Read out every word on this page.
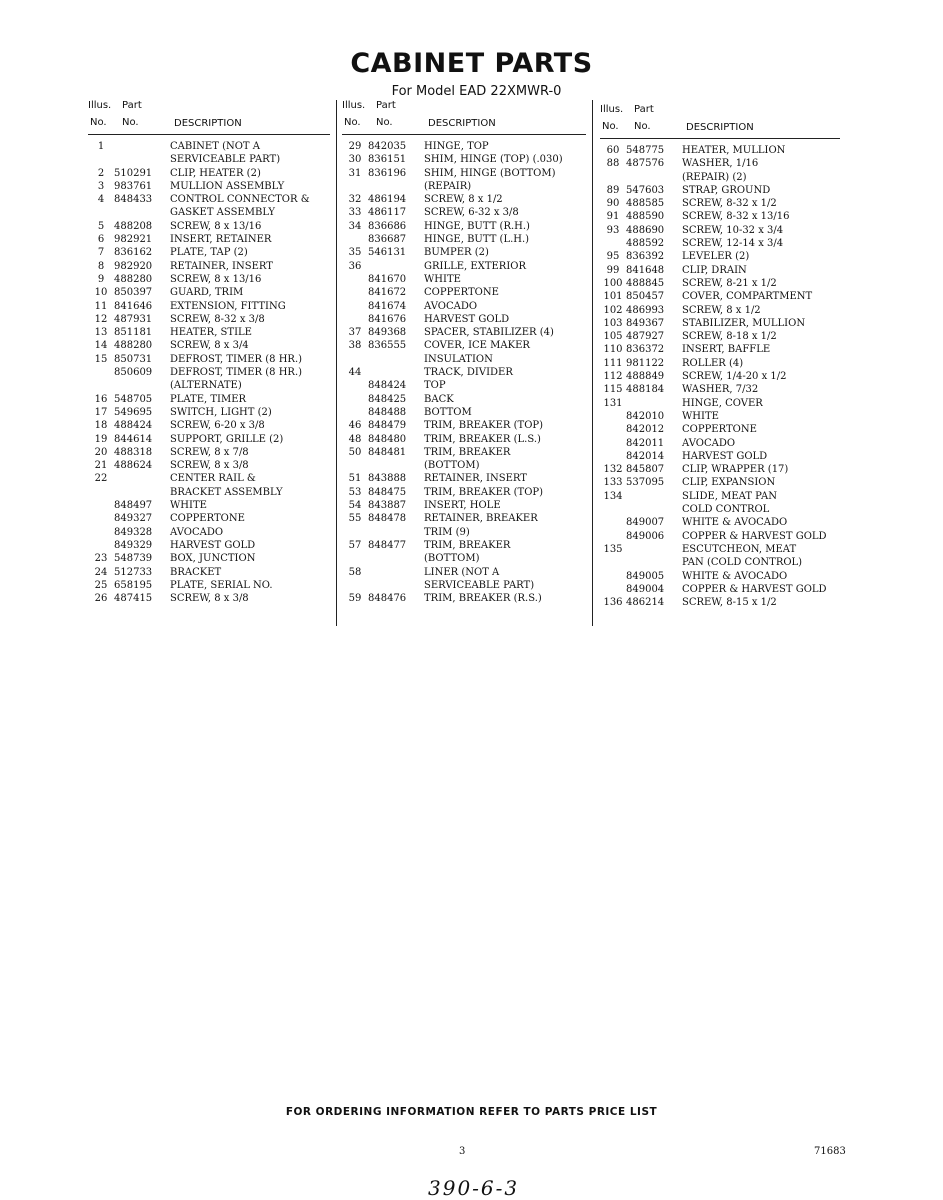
CABINET PARTS
For Model EAD 22XMWR-0
Illus. Part
No. No.	DESCRIPTION
1	CABINET (NOT A
SERVICEABLE PART)
2 510291	CLIP, HEATER (2)
3 983761	MULLION ASSEMBLY
4 848433	CONTROL CONNECTOR &
GASKET ASSEMBLY
5 488208	SCREW, 8 x 13/16
6 982921	INSERT, RETAINER
7 836162	PLATE, TAP (2)
8 982920	RETAINER, INSERT
9 488280	SCREW, 8 x 13/16
10 850397	GUARD, TRIM
11 841646	EXTENSION, FITTING
12 487931	SCREW, 8-32 x 3/8
13 851181	HEATER, STILE
14 488280	SCREW, 8 x 3/4
15 850731	DEFROST, TIMER (8 HR.)
850609	DEFROST, TIMER (8 HR.)
(ALTERNATE)
16 548705	PLATE, TIMER
17 549695	SWITCH, LIGHT (2)
18 488424	SCREW, 6-20 x 3/8
19 844614	SUPPORT, GRILLE (2)
20 488318	SCREW, 8 x 7/8
21 488624	SCREW, 8 x 3/8
22	CENTER RAIL &
BRACKET ASSEMBLY
848497	WHITE
849327	COPPERTONE
849328	AVOCADO
849329	HARVEST GOLD
23 548739	BOX, JUNCTION
24 512733	BRACKET
25 658195	PLATE, SERIAL NO.
26 487415	SCREW, 8 x 3/8
Illus. Part
No. No.	DESCRIPTION
29 842035	HINGE, TOP
30 836151	SHIM, HINGE (TOP) (.030)
31 836196	SHIM, HINGE (BOTTOM)
(REPAIR)
32 486194	SCREW, 8 x 1/2
33 486117	SCREW, 6-32 x 3/8
34 836686	HINGE, BUTT (R.H.)
836687	HINGE, BUTT (L.H.)
35 546131	BUMPER (2)
36	GRILLE, EXTERIOR
841670	WHITE
841672	COPPERTONE
841674	AVOCADO
841676	HARVEST GOLD
37 849368	SPACER, STABILIZER (4)
38 836555	COVER, ICE MAKER
INSULATION
44	TRACK, DIVIDER
848424	TOP
848425	BACK
848488	BOTTOM
46 848479	TRIM, BREAKER (TOP)
48 848480	TRIM, BREAKER (L.S.)
50 848481	TRIM, BREAKER
(BOTTOM)
51 843888	RETAINER, INSERT
53 848475	TRIM, BREAKER (TOP)
54 843887	INSERT, HOLE
55 848478	RETAINER, BREAKER
TRIM (9)
57 848477	TRIM, BREAKER
(BOTTOM)
58	LINER (NOT A
SERVICEABLE PART)
59 848476	TRIM, BREAKER (R.S.)
Illus. Part
No. No.	DESCRIPTION
60 548775	HEATER, MULLION
88 487576	WASHER, 1/16
(REPAIR) (2)
89 547603	STRAP, GROUND
90 488585	SCREW, 8-32 x 1/2
91 488590	SCREW, 8-32 x 13/16
93 488690	SCREW, 10-32 x 3/4
488592	SCREW, 12-14 x 3/4
95 836392	LEVELER (2)
99 841648	CLIP, DRAIN
100 488845	SCREW, 8-21 x 1/2
101 850457	COVER, COMPARTMENT
102 486993	SCREW, 8 x 1/2
103 849367	STABILIZER, MULLION
105 487927	SCREW, 8-18 x 1/2
110 836372	INSERT, BAFFLE
111 981122	ROLLER (4)
112 488849	SCREW, 1/4-20 x 1/2
115 488184	WASHER, 7/32
131	HINGE, COVER
842010	WHITE
842012	COPPERTONE
842011	AVOCADO
842014	HARVEST GOLD
132 845807	CLIP, WRAPPER (17)
133 537095	CLIP, EXPANSION
134	SLIDE, MEAT PAN
COLD CONTROL
849007	WHITE & AVOCADO
849006	COPPER & HARVEST GOLD
135	ESCUTCHEON, MEAT
PAN (COLD CONTROL)
849005	WHITE & AVOCADO
849004	COPPER & HARVEST GOLD
136 486214	SCREW, 8-15 x 1/2
FOR ORDERING INFORMATION REFER TO PARTS PRICE LIST
3	71683
390-6-3
